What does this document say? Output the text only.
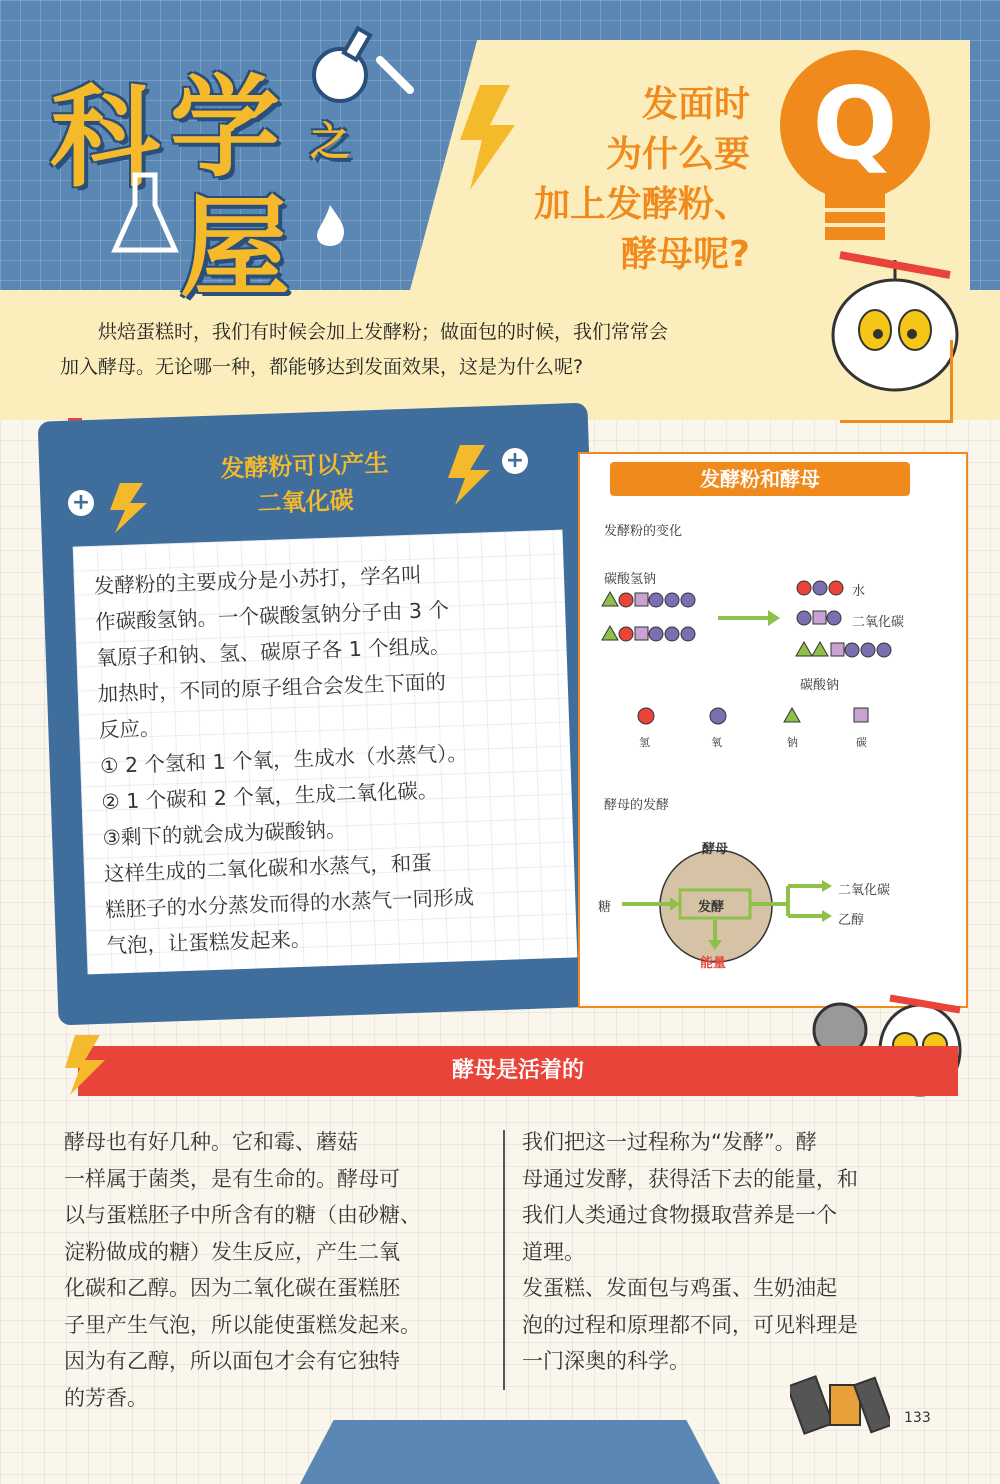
科 学 之
屋
发面时
为什么要
加上发酵粉、
酵母呢?
Q
烘焙蛋糕时，我们有时候会加上发酵粉；做面包的时候，我们常常会
加入酵母。无论哪一种，都能够达到发面效果，这是为什么呢?
发酵粉可以产生
二氧化碳
+
+
发酵粉的主要成分是小苏打，学名叫
作碳酸氢钠。一个碳酸氢钠分子由 3 个
氧原子和钠、氢、碳原子各 1 个组成。
加热时，不同的原子组合会发生下面的
反应。
① 2 个氢和 1 个氧，生成水（水蒸气）。
② 1 个碳和 2 个氧，生成二氧化碳。
③剩下的就会成为碳酸钠。
这样生成的二氧化碳和水蒸气，和蛋
糕胚子的水分蒸发而得的水蒸气一同形成
气泡，让蛋糕发起来。
发酵粉和酵母
发酵粉的变化
碳酸氢钠
水
二氧化碳
碳酸钠
氢	氧	钠	碳
酵母的发酵
酵母
糖	发酵
能量
二氧化碳
乙醇
酵母是活着的
酵母也有好几种。它和霉、蘑菇
一样属于菌类，是有生命的。酵母可
以与蛋糕胚子中所含有的糖（由砂糖、
淀粉做成的糖）发生反应，产生二氧
化碳和乙醇。因为二氧化碳在蛋糕胚
子里产生气泡，所以能使蛋糕发起来。
因为有乙醇，所以面包才会有它独特
的芳香。
我们把这一过程称为“发酵”。酵
母通过发酵，获得活下去的能量，和
我们人类通过食物摄取营养是一个
道理。
发蛋糕、发面包与鸡蛋、生奶油起
泡的过程和原理都不同，可见料理是
一门深奥的科学。
133
